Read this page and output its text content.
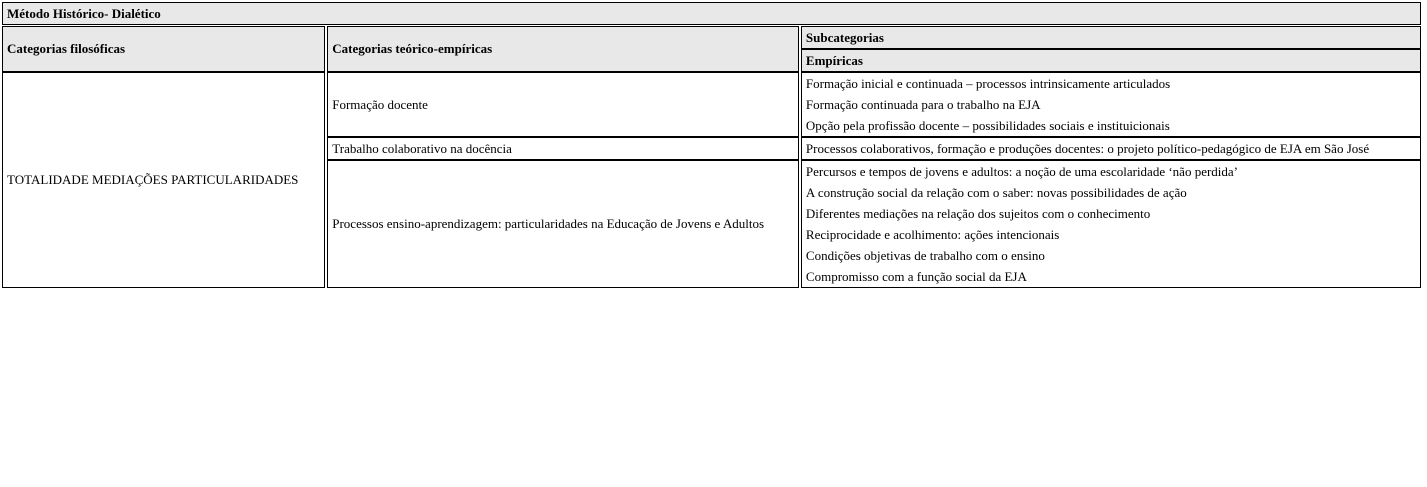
Método Histórico- Dialético		

Categorias filosóficas	Categorias teórico-empíricas	Subcategorias
		Empíricas
TOTALIDADE MEDIAÇÕES PARTICULARIDADES	Formação docente	Formação inicial e continuada – processos intrinsicamente articulados
		Formação continuada para o trabalho na EJA
		Opção pela profissão docente – possibilidades sociais e instituicionais
	Trabalho colaborativo na docência	Processos colaborativos, formação e produções docentes: o projeto político-pedagógico de EJA em São José
	Processos ensino-aprendizagem: particularidades na Educação de Jovens e Adultos	Percursos e tempos de jovens e adultos: a noção de uma escolaridade ‘não perdida’
		A construção social da relação com o saber: novas possibilidades de ação
		Diferentes mediações na relação dos sujeitos com o conhecimento
		Reciprocidade e acolhimento: ações intencionais
		Condições objetivas de trabalho com o ensino
		Compromisso com a função social da EJA
